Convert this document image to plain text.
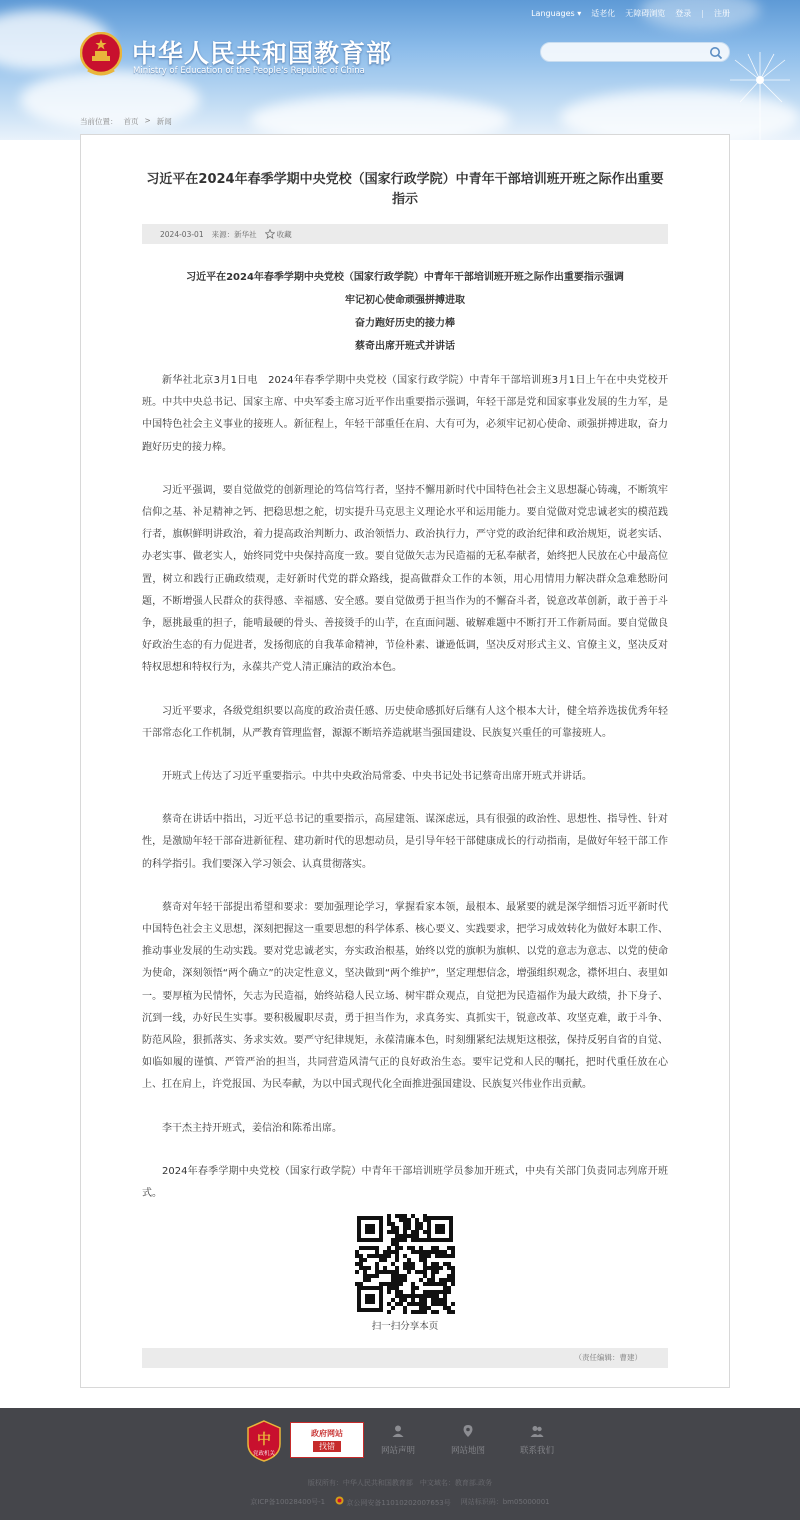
Languages ▾ 适老化 无障碍浏览 登录 | 注册
中华人民共和国教育部
Ministry of Education of the People's Republic of China
当前位置： 首页 > 新闻
习近平在2024年春季学期中央党校（国家行政学院）中青年干部培训班开班之际作出重要指示
2024-03-01 来源：新华社	收藏
习近平在2024年春季学期中央党校（国家行政学院）中青年干部培训班开班之际作出重要指示强调
牢记初心使命顽强拼搏进取
奋力跑好历史的接力棒
蔡奇出席开班式并讲话

新华社北京3月1日电　2024年春季学期中央党校（国家行政学院）中青年干部培训班3月1日上午在中央党校开班。中共中央总书记、国家主席、中央军委主席习近平作出重要指示强调，年轻干部是党和国家事业发展的生力军，是中国特色社会主义事业的接班人。新征程上，年轻干部重任在肩、大有可为，必须牢记初心使命、顽强拼搏进取，奋力跑好历史的接力棒。

习近平强调，要自觉做党的创新理论的笃信笃行者，坚持不懈用新时代中国特色社会主义思想凝心铸魂，不断筑牢信仰之基、补足精神之钙、把稳思想之舵，切实提升马克思主义理论水平和运用能力。要自觉做对党忠诚老实的模范践行者，旗帜鲜明讲政治，着力提高政治判断力、政治领悟力、政治执行力，严守党的政治纪律和政治规矩，说老实话、办老实事、做老实人，始终同党中央保持高度一致。要自觉做矢志为民造福的无私奉献者，始终把人民放在心中最高位置，树立和践行正确政绩观，走好新时代党的群众路线，提高做群众工作的本领，用心用情用力解决群众急难愁盼问题，不断增强人民群众的获得感、幸福感、安全感。要自觉做勇于担当作为的不懈奋斗者，锐意改革创新，敢于善于斗争，愿挑最重的担子，能啃最硬的骨头、善接烫手的山芋，在直面问题、破解难题中不断打开工作新局面。要自觉做良好政治生态的有力促进者，发扬彻底的自我革命精神，节俭朴素、谦逊低调，坚决反对形式主义、官僚主义，坚决反对特权思想和特权行为，永葆共产党人清正廉洁的政治本色。

习近平要求，各级党组织要以高度的政治责任感、历史使命感抓好后继有人这个根本大计，健全培养选拔优秀年轻干部常态化工作机制，从严教育管理监督，源源不断培养造就堪当强国建设、民族复兴重任的可靠接班人。

开班式上传达了习近平重要指示。中共中央政治局常委、中央书记处书记蔡奇出席开班式并讲话。

蔡奇在讲话中指出，习近平总书记的重要指示，高屋建瓴、谋深虑远，具有很强的政治性、思想性、指导性、针对性，是激励年轻干部奋进新征程、建功新时代的思想动员，是引导年轻干部健康成长的行动指南，是做好年轻干部工作的科学指引。我们要深入学习领会、认真贯彻落实。

蔡奇对年轻干部提出希望和要求：要加强理论学习，掌握看家本领，最根本、最紧要的就是深学细悟习近平新时代中国特色社会主义思想，深刻把握这一重要思想的科学体系、核心要义、实践要求，把学习成效转化为做好本职工作、推动事业发展的生动实践。要对党忠诚老实，夯实政治根基，始终以党的旗帜为旗帜、以党的意志为意志、以党的使命为使命，深刻领悟“两个确立”的决定性意义，坚决做到“两个维护”，坚定理想信念，增强组织观念，襟怀坦白、表里如一。要厚植为民情怀，矢志为民造福，始终站稳人民立场、树牢群众观点，自觉把为民造福作为最大政绩，扑下身子、沉到一线，办好民生实事。要积极履职尽责，勇于担当作为，求真务实、真抓实干，锐意改革、攻坚克难，敢于斗争、防范风险，狠抓落实、务求实效。要严守纪律规矩，永葆清廉本色，时刻绷紧纪法规矩这根弦，保持反躬自省的自觉、如临如履的谨慎、严管严治的担当，共同营造风清气正的良好政治生态。要牢记党和人民的嘱托，把时代重任放在心上、扛在肩上，许党报国、为民奉献，为以中国式现代化全面推进强国建设、民族复兴伟业作出贡献。

李干杰主持开班式，姜信治和陈希出席。

2024年春季学期中央党校（国家行政学院）中青年干部培训班学员参加开班式，中央有关部门负责同志列席开班式。

扫一扫分享本页
（责任编辑：曹建）
中
党政机关
政府网站
找错	网站声明	网站地图	联系我们
版权所有：中华人民共和国教育部　中文域名：教育部.政务
京ICP备10028400号-1	京公网安备11010202007653号 网站标识码：bm05000001
